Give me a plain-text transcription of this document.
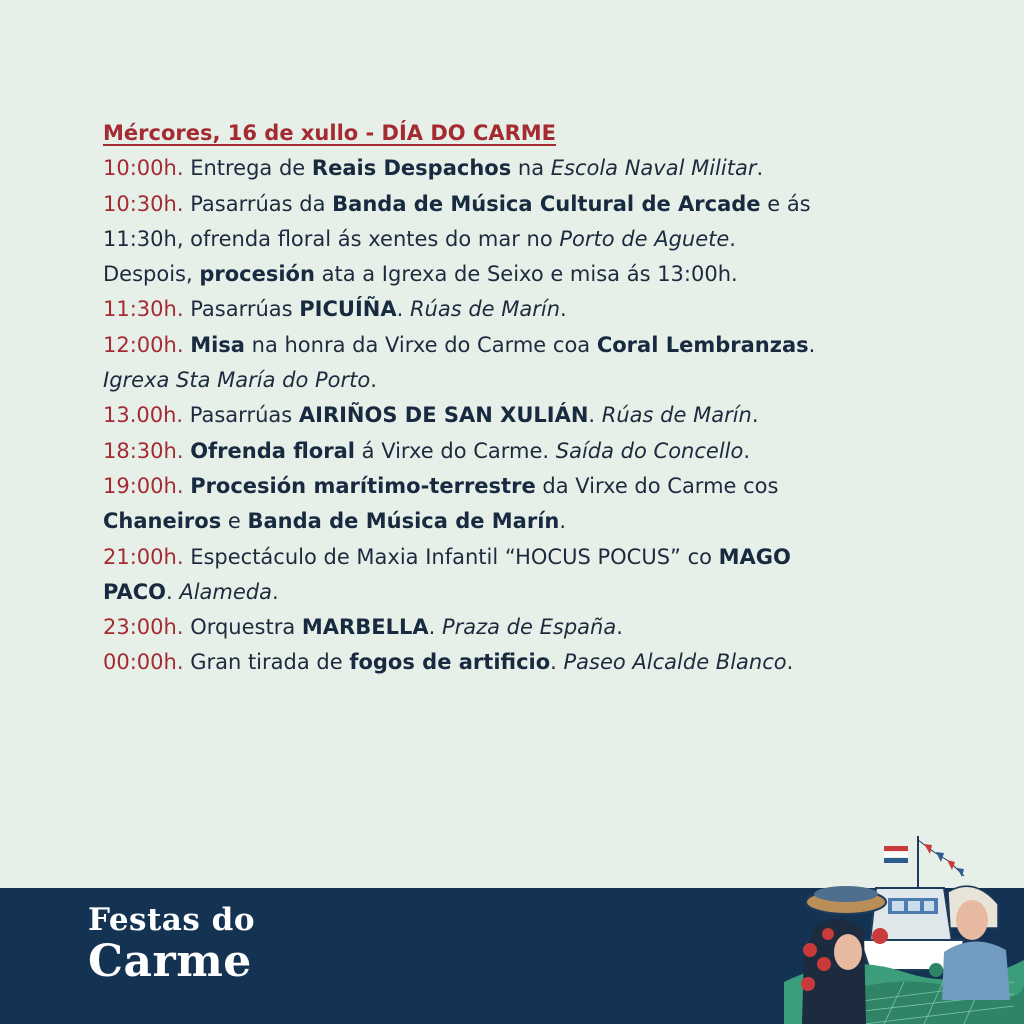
Mércores, 16 de xullo - DÍA DO CARME
10:00h. Entrega de Reais Despachos na Escola Naval Militar.
10:30h. Pasarrúas da Banda de Música Cultural de Arcade e ás
11:30h, ofrenda floral ás xentes do mar no Porto de Aguete.
Despois, procesión ata a Igrexa de Seixo e misa ás 13:00h.
11:30h. Pasarrúas PICUÍÑA. Rúas de Marín.
12:00h. Misa na honra da Virxe do Carme coa Coral Lembranzas.
Igrexa Sta María do Porto.
13.00h. Pasarrúas AIRIÑOS DE SAN XULIÁN. Rúas de Marín.
18:30h. Ofrenda floral á Virxe do Carme. Saída do Concello.
19:00h. Procesión marítimo-terrestre da Virxe do Carme cos
Chaneiros e Banda de Música de Marín.
21:00h. Espectáculo de Maxia Infantil “HOCUS POCUS” co MAGO
PACO. Alameda.
23:00h. Orquestra MARBELLA. Praza de España.
00:00h. Gran tirada de fogos de artificio. Paseo Alcalde Blanco.
Festas do
Carme
